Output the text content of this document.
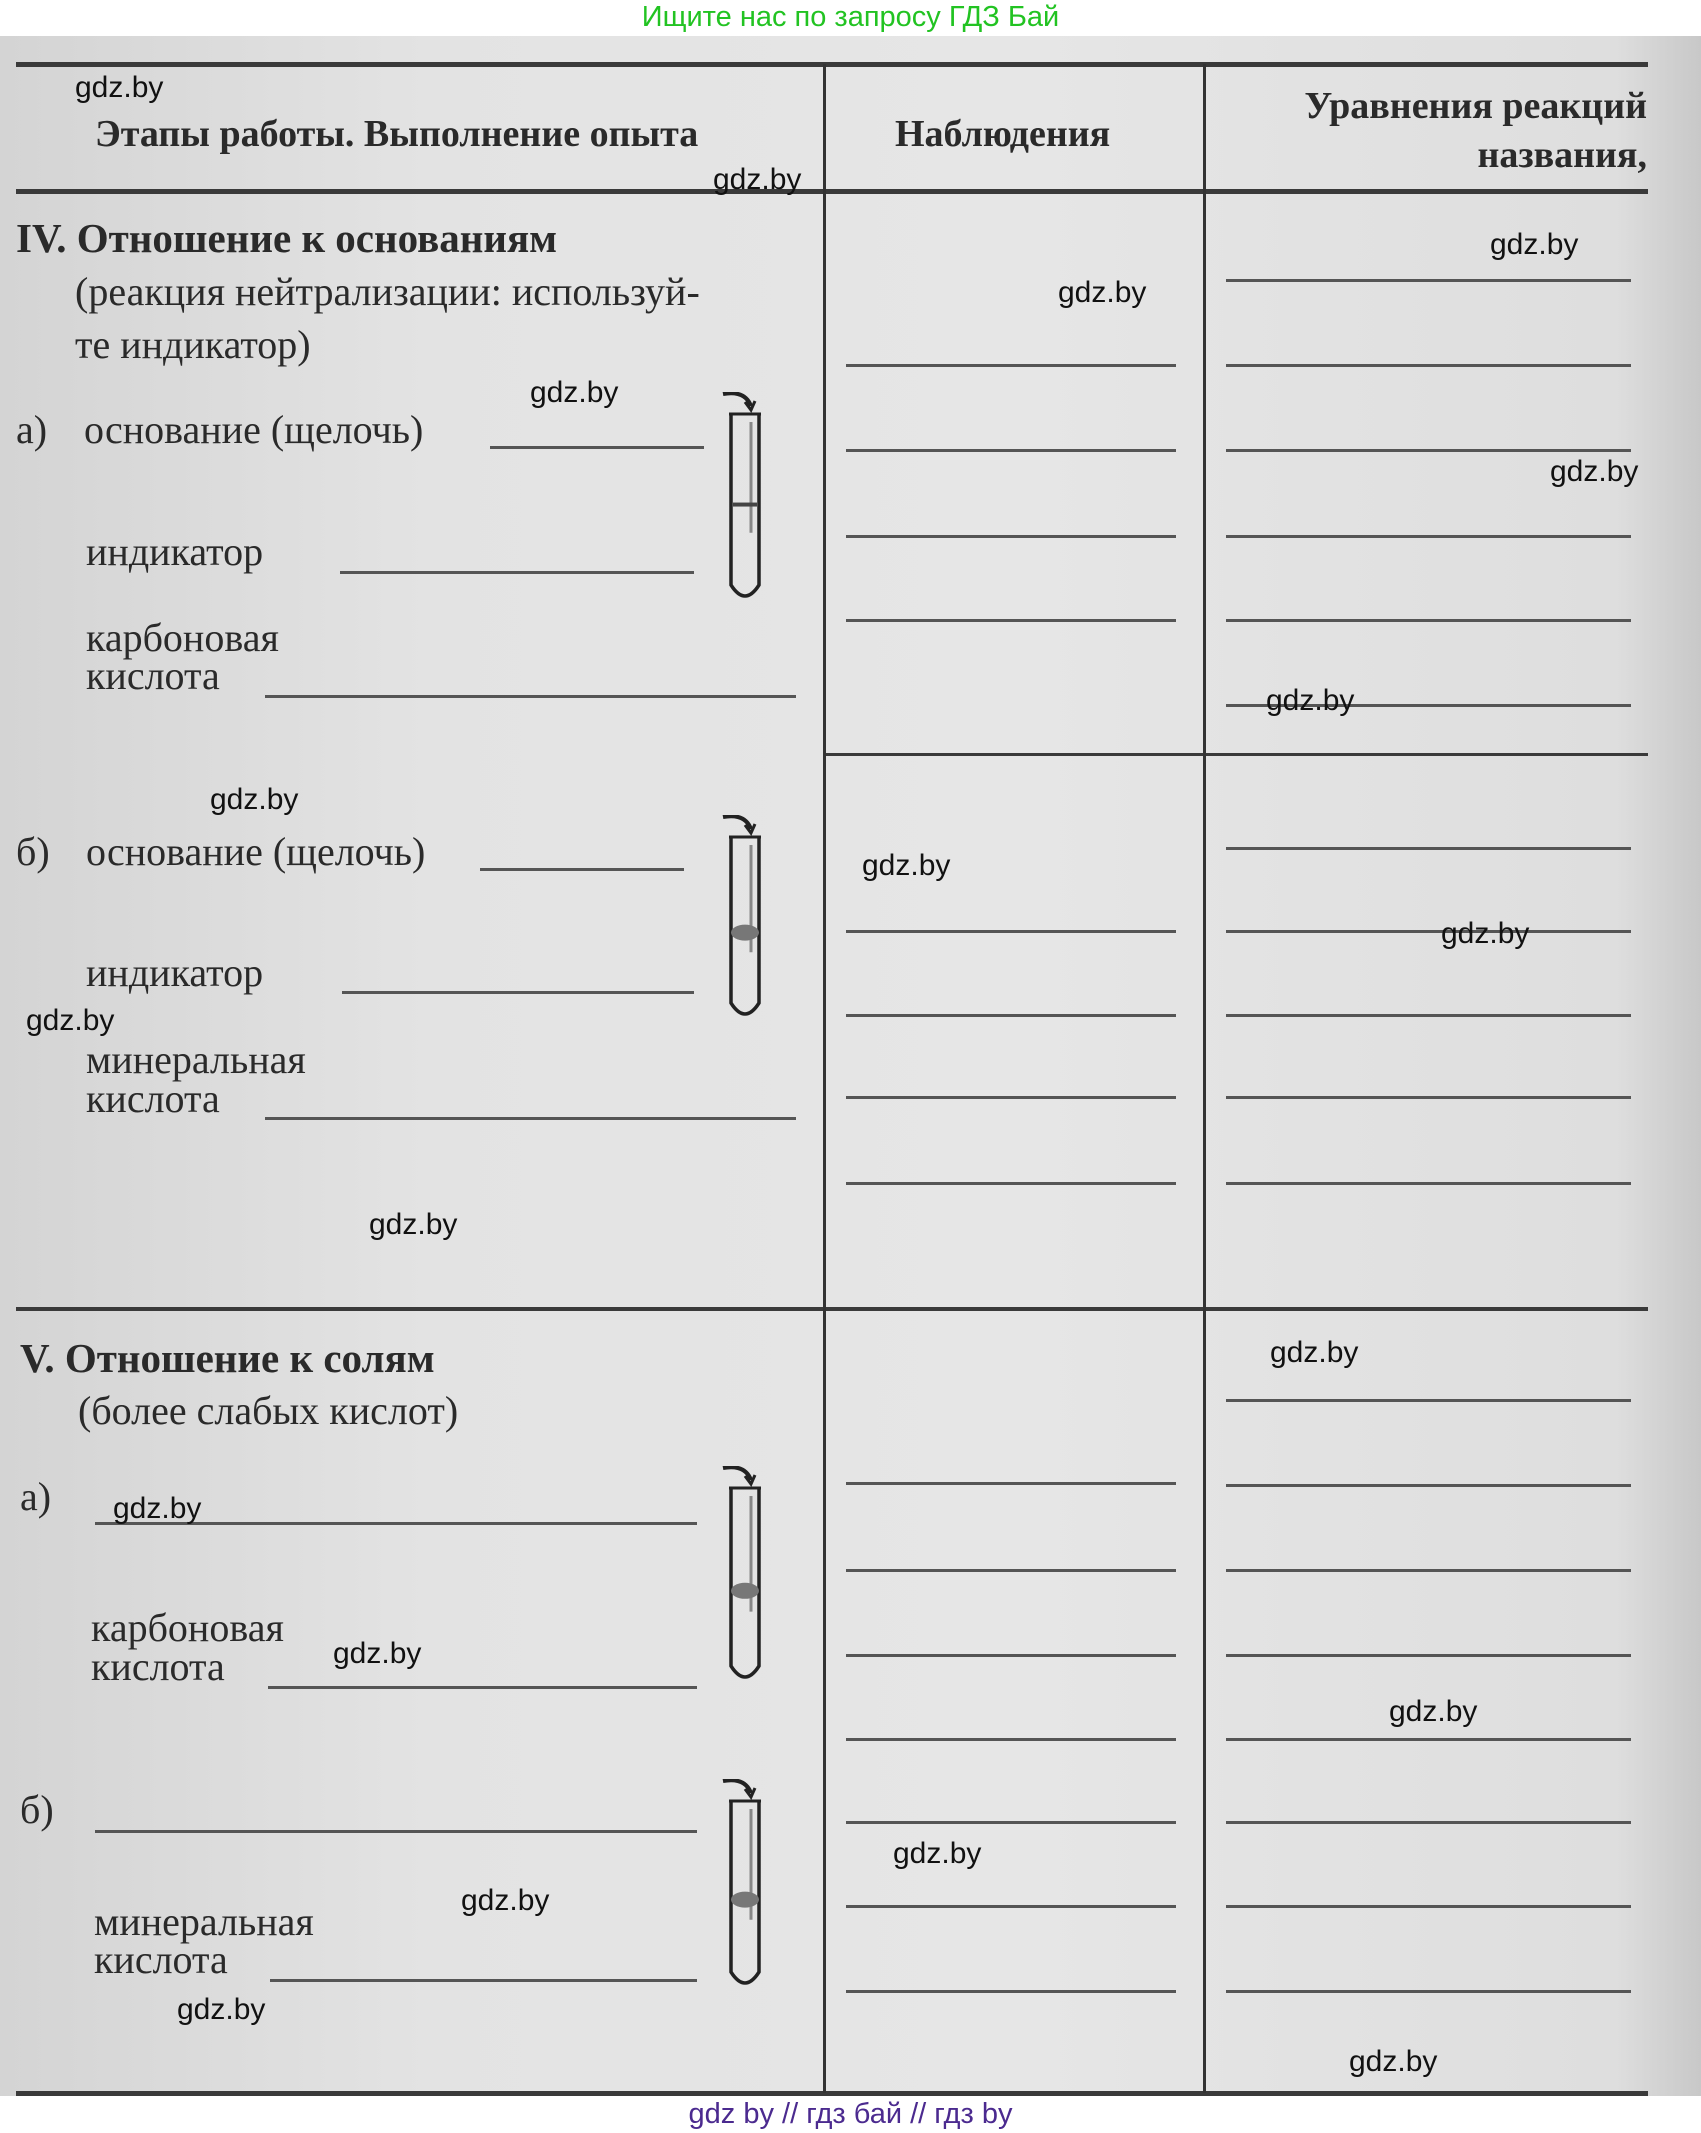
Ищите нас по запросу ГДЗ Бай
Этапы работы. Выполнение опыта	Наблюдения
Уравнения реакций
названия,
IV. Отношение к основаниям
(реакция нейтрализации: используй-
те индикатор)
а) основание (щелочь)
индикатор
карбоновая
кислота
б) основание (щелочь)
индикатор
минеральная
кислота
V. Отношение к солям
(более слабых кислот)
а)
карбоновая
кислота
б)
минеральная
кислота
gdz.by
gdz.by
gdz.by
gdz.by
gdz.by
gdz.by
gdz.by
gdz.by
gdz.by
gdz.by
gdz.by
gdz.by
gdz.by
gdz.by
gdz.by
gdz.by
gdz.by
gdz.by
gdz.by
gdz.by
gdz by // гдз бай // гдз by
